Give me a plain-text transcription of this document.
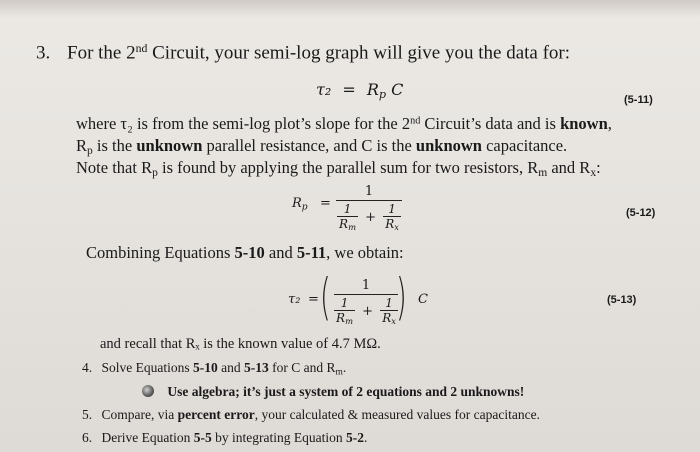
3. For the 2nd Circuit, your semi-log graph will give you the data for:
$\tau_2 = R_p$ C
(5-11)
where τ₂ is from the semi-log plot’s slope for the 2nd Circuit’s data and is known,
$R_p$ is the unknown parallel resistance, and C is the unknown capacitance.
Note that $R_p$ is found by applying the parallel sum for two resistors, $R_m$ and $R_x$:
$R_p$ =
1
$\frac{1}{R_m} + \frac{1}{R_x}$	(5-12)
Combining Equations 5-10 and 5-11, we obtain:
τ₂ = (	1
$\frac{1}{R_m} + \frac{1}{R_x}$
) C	(5-13)
and recall that Rₓ is the known value of 4.7 MΩ.
4. Solve Equations 5-10 and 5-13 for C and $R_m$.
Use algebra; it’s just a system of 2 equations and 2 unknowns!
5. Compare, via percent error, your calculated & measured values for capacitance.
6. Derive Equation 5-5 by integrating Equation 5-2.
